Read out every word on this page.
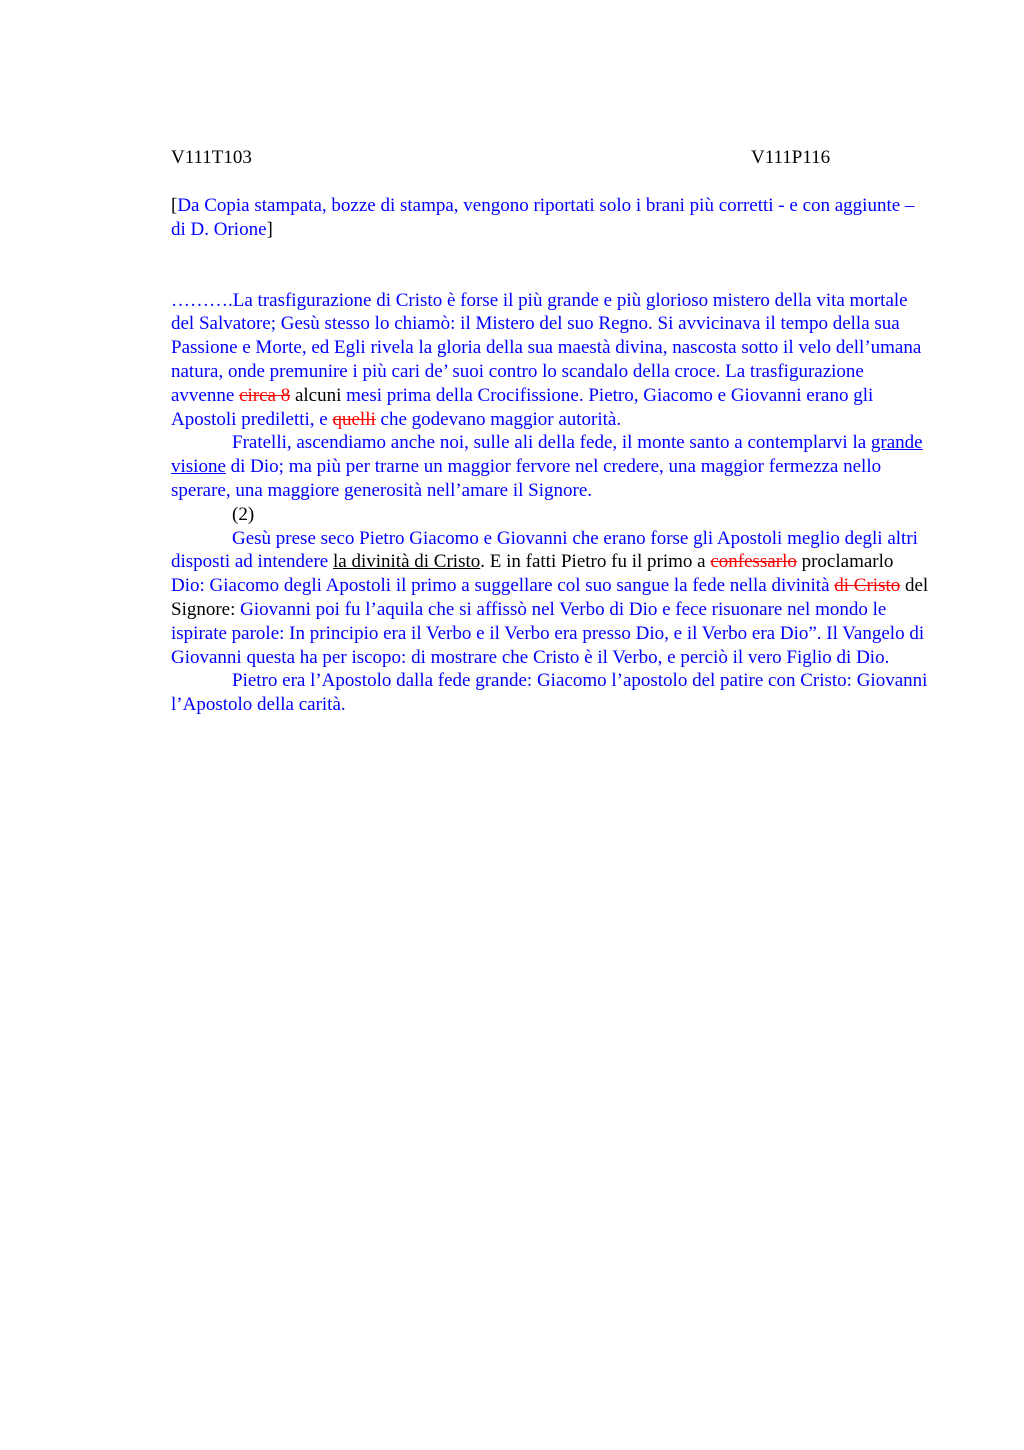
V111T103	V111P116

[Da Copia stampata, bozze di stampa, vengono riportati solo i brani più corretti - e con aggiunte – di D. Orione]

……….La trasfigurazione di Cristo è forse il più grande e più glorioso mistero della vita mortale del Salvatore; Gesù stesso lo chiamò: il Mistero del suo Regno. Si avvicinava il tempo della sua Passione e Morte, ed Egli rivela la gloria della sua maestà divina, nascosta sotto il velo dell’umana natura, onde premunire i più cari de’ suoi contro lo scandalo della croce. La trasfigurazione avvenne circa 8 alcuni mesi prima della Crocifissione. Pietro, Giacomo e Giovanni erano gli Apostoli prediletti, e quelli che godevano maggior autorità.

Fratelli, ascendiamo anche noi, sulle ali della fede, il monte santo a contemplarvi la grande visione di Dio; ma più per trarne un maggior fervore nel credere, una maggior fermezza nello sperare, una maggiore generosità nell’amare il Signore.

(2)

Gesù prese seco Pietro Giacomo e Giovanni che erano forse gli Apostoli meglio degli altri disposti ad intendere la divinità di Cristo. E in fatti Pietro fu il primo a confessarlo proclamarlo Dio: Giacomo degli Apostoli il primo a suggellare col suo sangue la fede nella divinità di Cristo del Signore: Giovanni poi fu l’aquila che si affissò nel Verbo di Dio e fece risuonare nel mondo le ispirate parole: In principio era il Verbo e il Verbo era presso Dio, e il Verbo era Dio”. Il Vangelo di Giovanni questa ha per iscopo: di mostrare che Cristo è il Verbo, e perciò il vero Figlio di Dio.

Pietro era l’Apostolo dalla fede grande: Giacomo l’apostolo del patire con Cristo: Giovanni l’Apostolo della carità.
